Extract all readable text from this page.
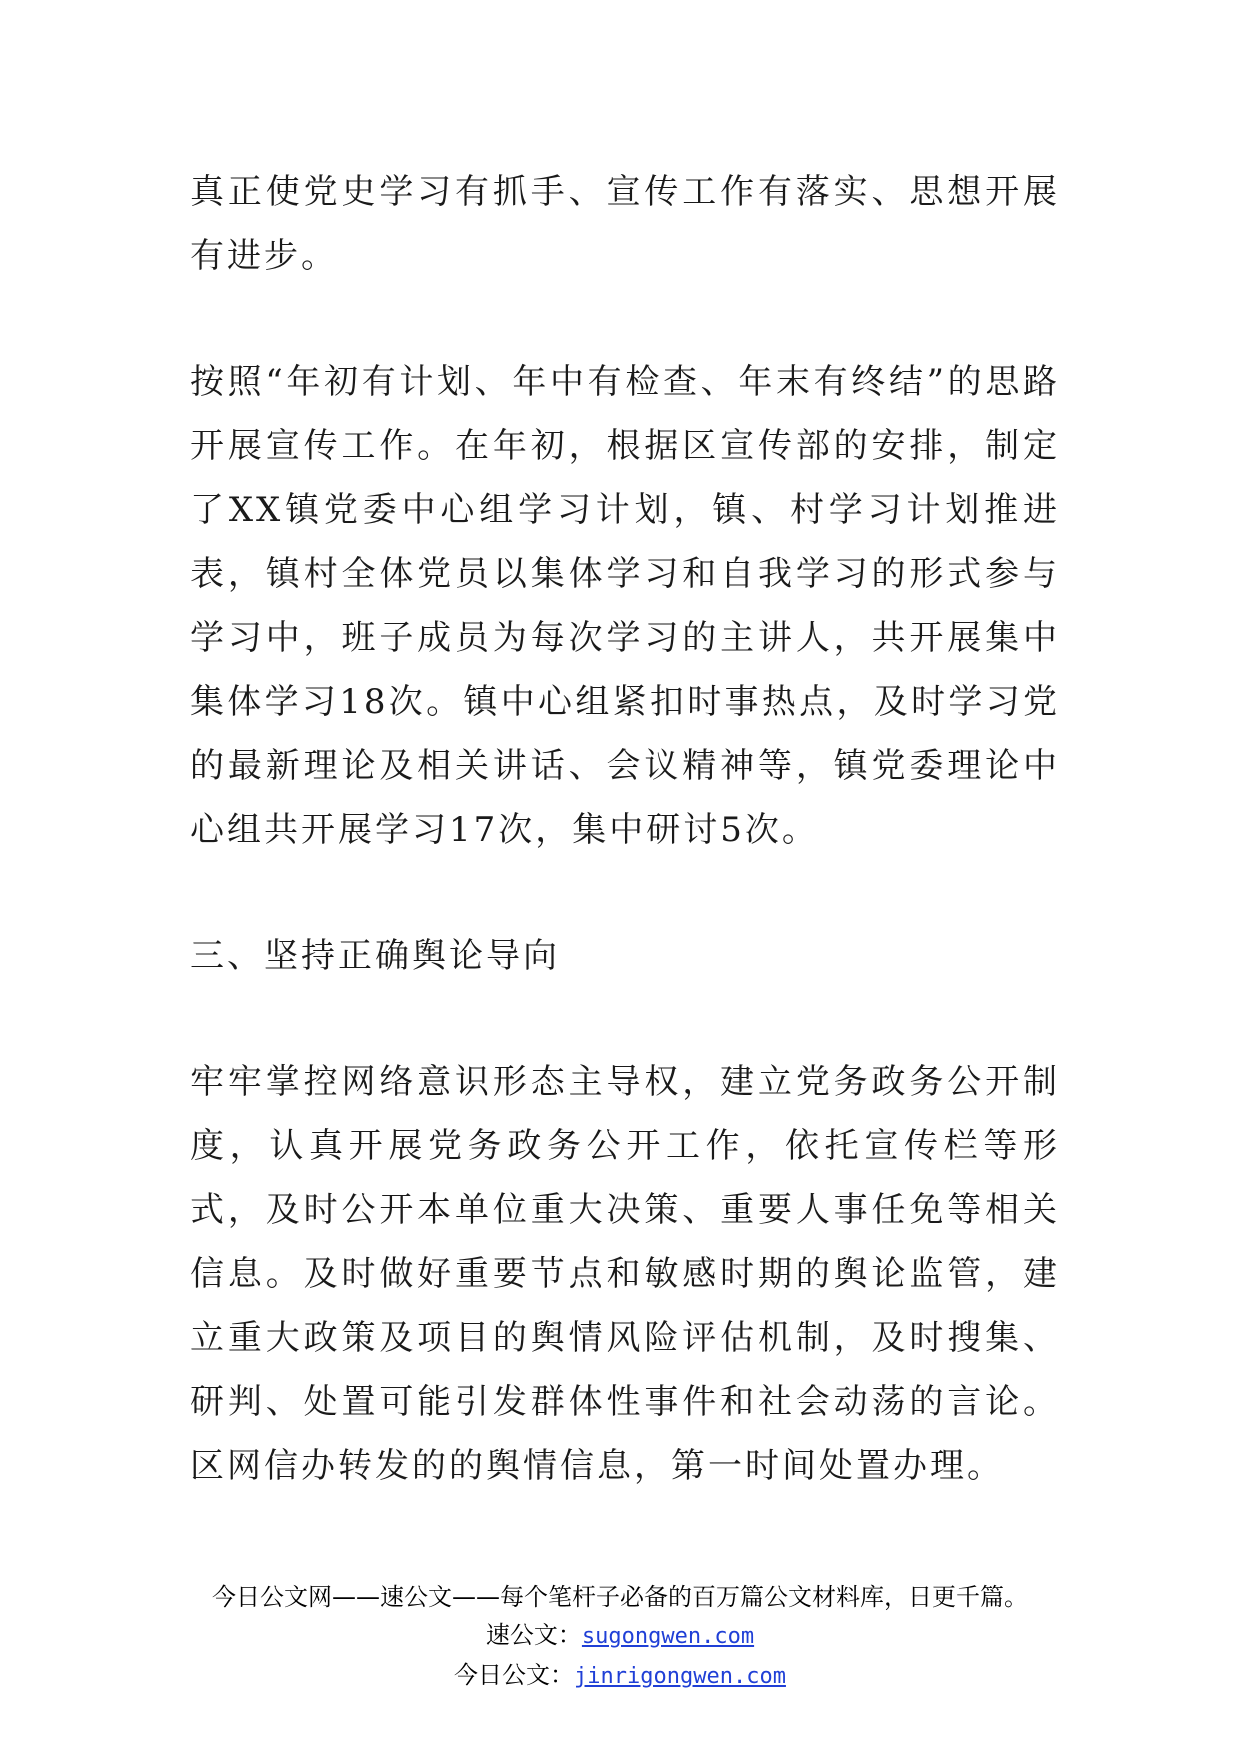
真正使党史学习有抓手、宣传工作有落实、思想开展有进步。

按照“年初有计划、年中有检查、年末有终结”的思路开展宣传工作。在年初，根据区宣传部的安排，制定了XX镇党委中心组学习计划，镇、村学习计划推进表，镇村全体党员以集体学习和自我学习的形式参与学习中，班子成员为每次学习的主讲人，共开展集中集体学习18次。镇中心组紧扣时事热点，及时学习党的最新理论及相关讲话、会议精神等，镇党委理论中心组共开展学习17次，集中研讨5次。

三、坚持正确舆论导向

牢牢掌控网络意识形态主导权，建立党务政务公开制度，认真开展党务政务公开工作，依托宣传栏等形式，及时公开本单位重大决策、重要人事任免等相关信息。及时做好重要节点和敏感时期的舆论监管，建立重大政策及项目的舆情风险评估机制，及时搜集、研判、处置可能引发群体性事件和社会动荡的言论。区网信办转发的的舆情信息，第一时间处置办理。

今日公文网——速公文——每个笔杆子必备的百万篇公文材料库，日更千篇。

速公文：sugongwen.com

今日公文：jinrigongwen.com
